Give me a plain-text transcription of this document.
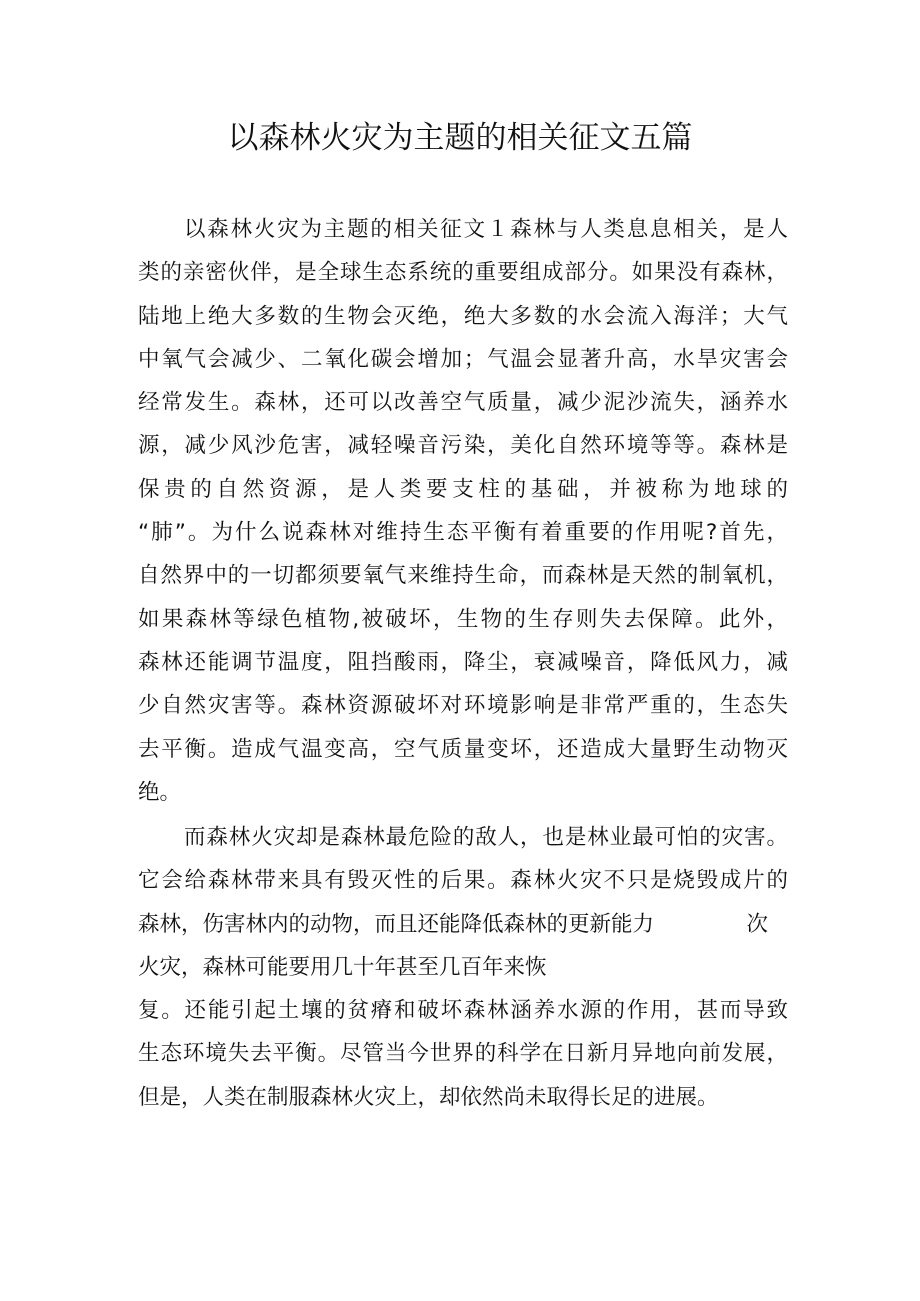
以森林火灾为主题的相关征文五篇
以森林火灾为主题的相关征文１森林与人类息息相关，是人
类的亲密伙伴，是全球生态系统的重要组成部分。如果没有森林，
陆地上绝大多数的生物会灭绝，绝大多数的水会流入海洋；大气
中氧气会减少、二氧化碳会增加；气温会显著升高，水旱灾害会
经常发生。森林，还可以改善空气质量，减少泥沙流失，涵养水
源，减少风沙危害，减轻噪音污染，美化自然环境等等。森林是
保贵的自然资源，是人类要支柱的基础，并被称为地球的
“肺”。为什么说森林对维持生态平衡有着重要的作用呢?首先，
自然界中的一切都须要氧气来维持生命，而森林是天然的制氧机，
如果森林等绿色植物,被破坏，生物的生存则失去保障。此外，
森林还能调节温度，阻挡酸雨，降尘，衰减噪音，降低风力，减
少自然灾害等。森林资源破坏对环境影响是非常严重的，生态失
去平衡。造成气温变高，空气质量变坏，还造成大量野生动物灭
绝。
而森林火灾却是森林最危险的敌人，也是林业最可怕的灾害。
它会给森林带来具有毁灭性的后果。森林火灾不只是烧毁成片的
森林，伤害林内的动物，而且还能降低森林的更新能力	次
火灾，森林可能要用几十年甚至几百年来恢
复。还能引起土壤的贫瘠和破坏森林涵养水源的作用，甚而导致
生态环境失去平衡。尽管当今世界的科学在日新月异地向前发展，
但是，人类在制服森林火灾上，却依然尚未取得长足的进展。
